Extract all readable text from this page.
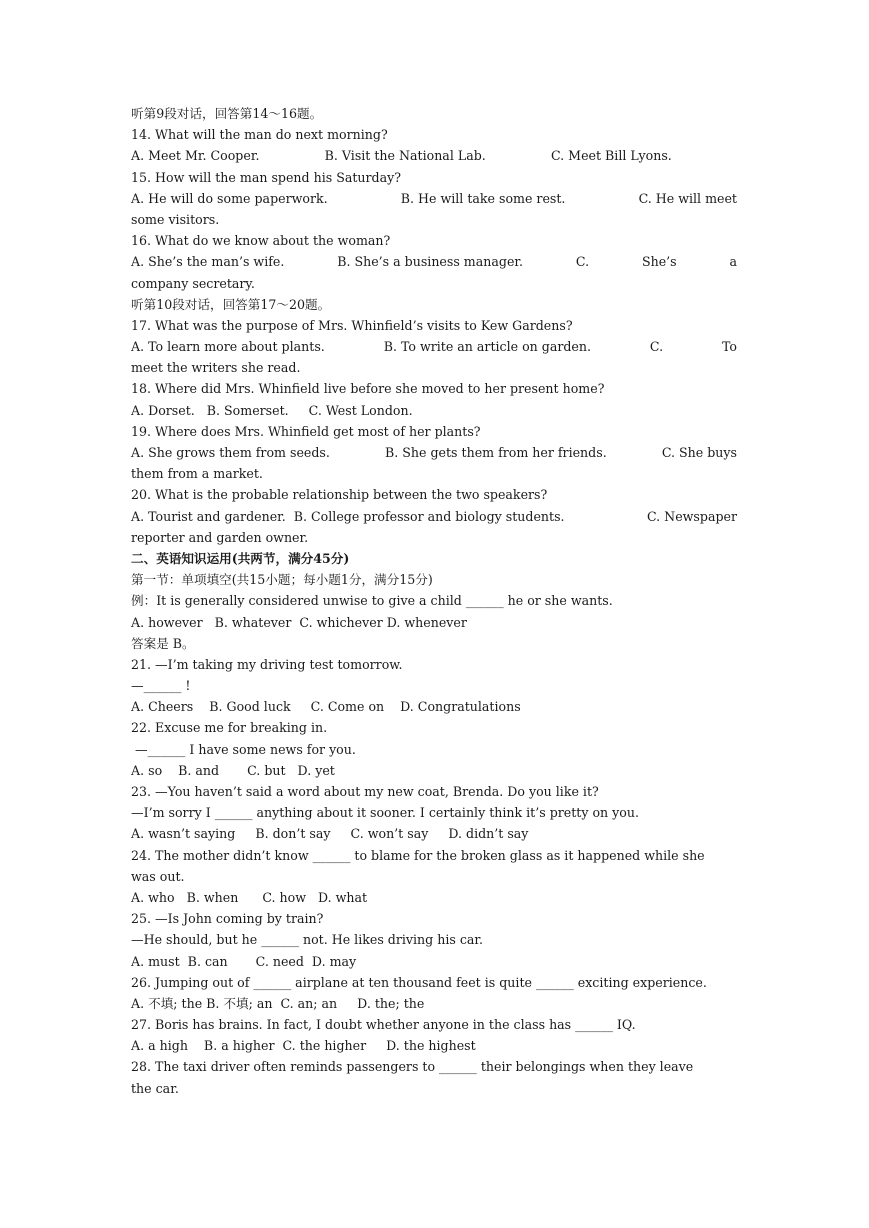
听第9段对话，回答第14～16题。
14. What will the man do next morning?
A. Meet Mr. Cooper.	B. Visit the National Lab.	C. Meet Bill Lyons.
15. How will the man spend his Saturday?
A. He will do some paperwork.	B. He will take some rest.	C. He will meet
some visitors.
16. What do we know about the woman?
A. She’s the man’s wife.	B. She’s a business manager.	C.	She’s	a
company secretary.
听第10段对话，回答第17～20题。
17. What was the purpose of Mrs. Whinfield’s visits to Kew Gardens?
A. To learn more about plants.	B. To write an article on garden.	C.	To
meet the writers she read.
18. Where did Mrs. Whinfield live before she moved to her present home?
A. Dorset.   B. Somerset.     C. West London.
19. Where does Mrs. Whinfield get most of her plants?
A. She grows them from seeds.	B. She gets them from her friends.	C. She buys
them from a market.
20. What is the probable relationship between the two speakers?
A. Tourist and gardener.  B. College professor and biology students.	C. Newspaper
reporter and garden owner.
二、英语知识运用(共两节，满分45分)
第一节：单项填空(共15小题；每小题1分，满分15分)
例：It is generally considered unwise to give a child ______ he or she wants.
A. however   B. whatever  C. whichever D. whenever
答案是 B。
21. —I’m taking my driving test tomorrow.
—______ !
A. Cheers    B. Good luck     C. Come on    D. Congratulations
22. Excuse me for breaking in.
—______ I have some news for you.
A. so    B. and       C. but   D. yet
23. —You haven’t said a word about my new coat, Brenda. Do you like it?
—I’m sorry I ______ anything about it sooner. I certainly think it’s pretty on you.
A. wasn’t saying     B. don’t say     C. won’t say     D. didn’t say
24. The mother didn’t know ______ to blame for the broken glass as it happened while she
was out.
A. who   B. when      C. how   D. what
25. —Is John coming by train?
—He should, but he ______ not. He likes driving his car.
A. must  B. can       C. need  D. may
26. Jumping out of ______ airplane at ten thousand feet is quite ______ exciting experience.
A. 不填; the B. 不填; an  C. an; an     D. the; the
27. Boris has brains. In fact, I doubt whether anyone in the class has ______ IQ.
A. a high    B. a higher  C. the higher     D. the highest
28. The taxi driver often reminds passengers to ______ their belongings when they leave
the car.
